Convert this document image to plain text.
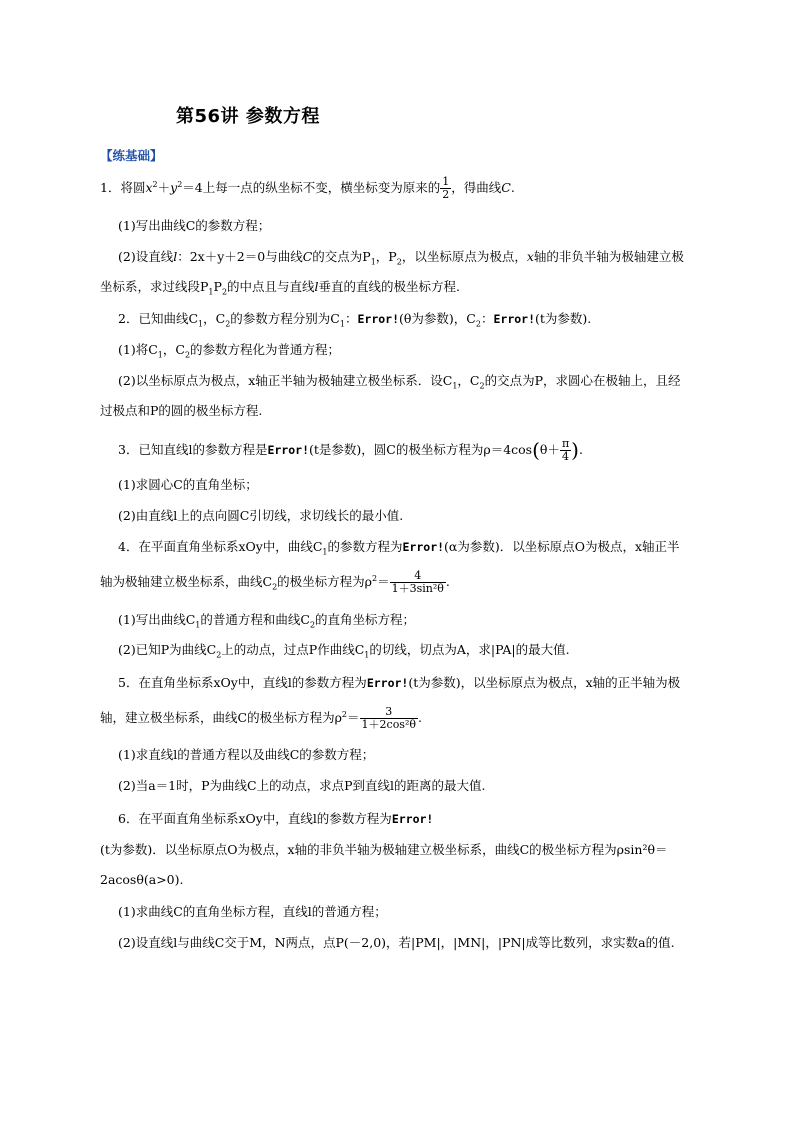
第56讲 参数方程
【练基础】
1．将圆$x^2+y^2=4$上每一点的纵坐标不变，横坐标变为原来的 $\frac{1}{2}$ ，得曲线C.
(1)写出曲线C的参数方程；
(2)设直线l：2x＋y＋2＝0与曲线C的交点为$P_1$，$P_2$，以坐标原点为极点，x轴的非负半轴为极轴建立极
坐标系，求过线段$P_1P_2$的中点且与直线l垂直的直线的极坐标方程.
2．已知曲线$C_1$，$C_2$的参数方程分别为$C_1$：Error!(θ为参数)，$C_2$：Error!(t为参数).
(1)将$C_1$，$C_2$的参数方程化为普通方程；
(2)以坐标原点为极点，x轴正半轴为极轴建立极坐标系．设$C_1$，$C_2$的交点为P，求圆心在极轴上，且经
过极点和P的圆的极坐标方程.
3．已知直线l的参数方程是Error!(t是参数)，圆C的极坐标方程为$\rho=4\cos(\theta+ \frac{\pi}{4}$ ).
(1)求圆心C的直角坐标；
(2)由直线l上的点向圆C引切线，求切线长的最小值.
4．在平面直角坐标系xOy中，曲线$C_1$的参数方程为Error!(α为参数)．以坐标原点O为极点，x轴正半
轴为极轴建立极坐标系，曲线$C_2$的极坐标方程为$\rho^2= \frac{4}{\text{1＋3sin²θ}}$ .
(1)写出曲线$C_1$的普通方程和曲线$C_2$的直角坐标方程；
(2)已知P为曲线$C_2$上的动点，过点P作曲线$C_1$的切线，切点为A，求|PA|的最大值.
5．在直角坐标系xOy中，直线l的参数方程为Error!(t为参数)，以坐标原点为极点，x轴的正半轴为极
轴，建立极坐标系，曲线C的极坐标方程为$\rho^2= \frac{3}{\text{1＋2cos²θ}}$ .
(1)求直线l的普通方程以及曲线C的参数方程；
(2)当a＝1时，P为曲线C上的动点，求点P到直线l的距离的最大值.
6．在平面直角坐标系xOy中，直线l的参数方程为Error!
(t为参数)．以坐标原点O为极点，x轴的非负半轴为极轴建立极坐标系，曲线C的极坐标方程为ρsin²θ＝
2acosθ(a>0).
(1)求曲线C的直角坐标方程，直线l的普通方程；
(2)设直线l与曲线C交于M，N两点，点P(－2,0)，若|PM|，|MN|，|PN|成等比数列，求实数a的值.
